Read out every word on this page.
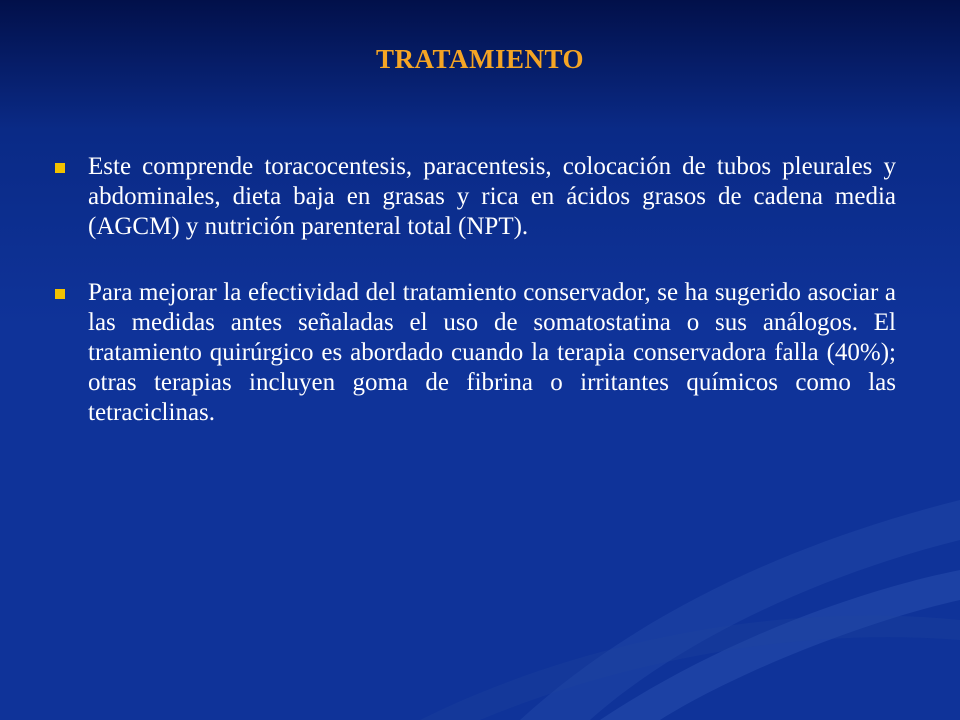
TRATAMIENTO
Este comprende toracocentesis, paracentesis, colocación de tubos pleurales y abdominales, dieta baja en grasas y rica en ácidos grasos de cadena media (AGCM) y nutrición parenteral total (NPT).
Para mejorar la efectividad del tratamiento conservador, se ha sugerido asociar a las medidas antes señaladas el uso de somatostatina o sus análogos. El tratamiento quirúrgico es abordado cuando la terapia conservadora falla (40%); otras terapias incluyen goma de fibrina o irritantes químicos como las tetraciclinas.
